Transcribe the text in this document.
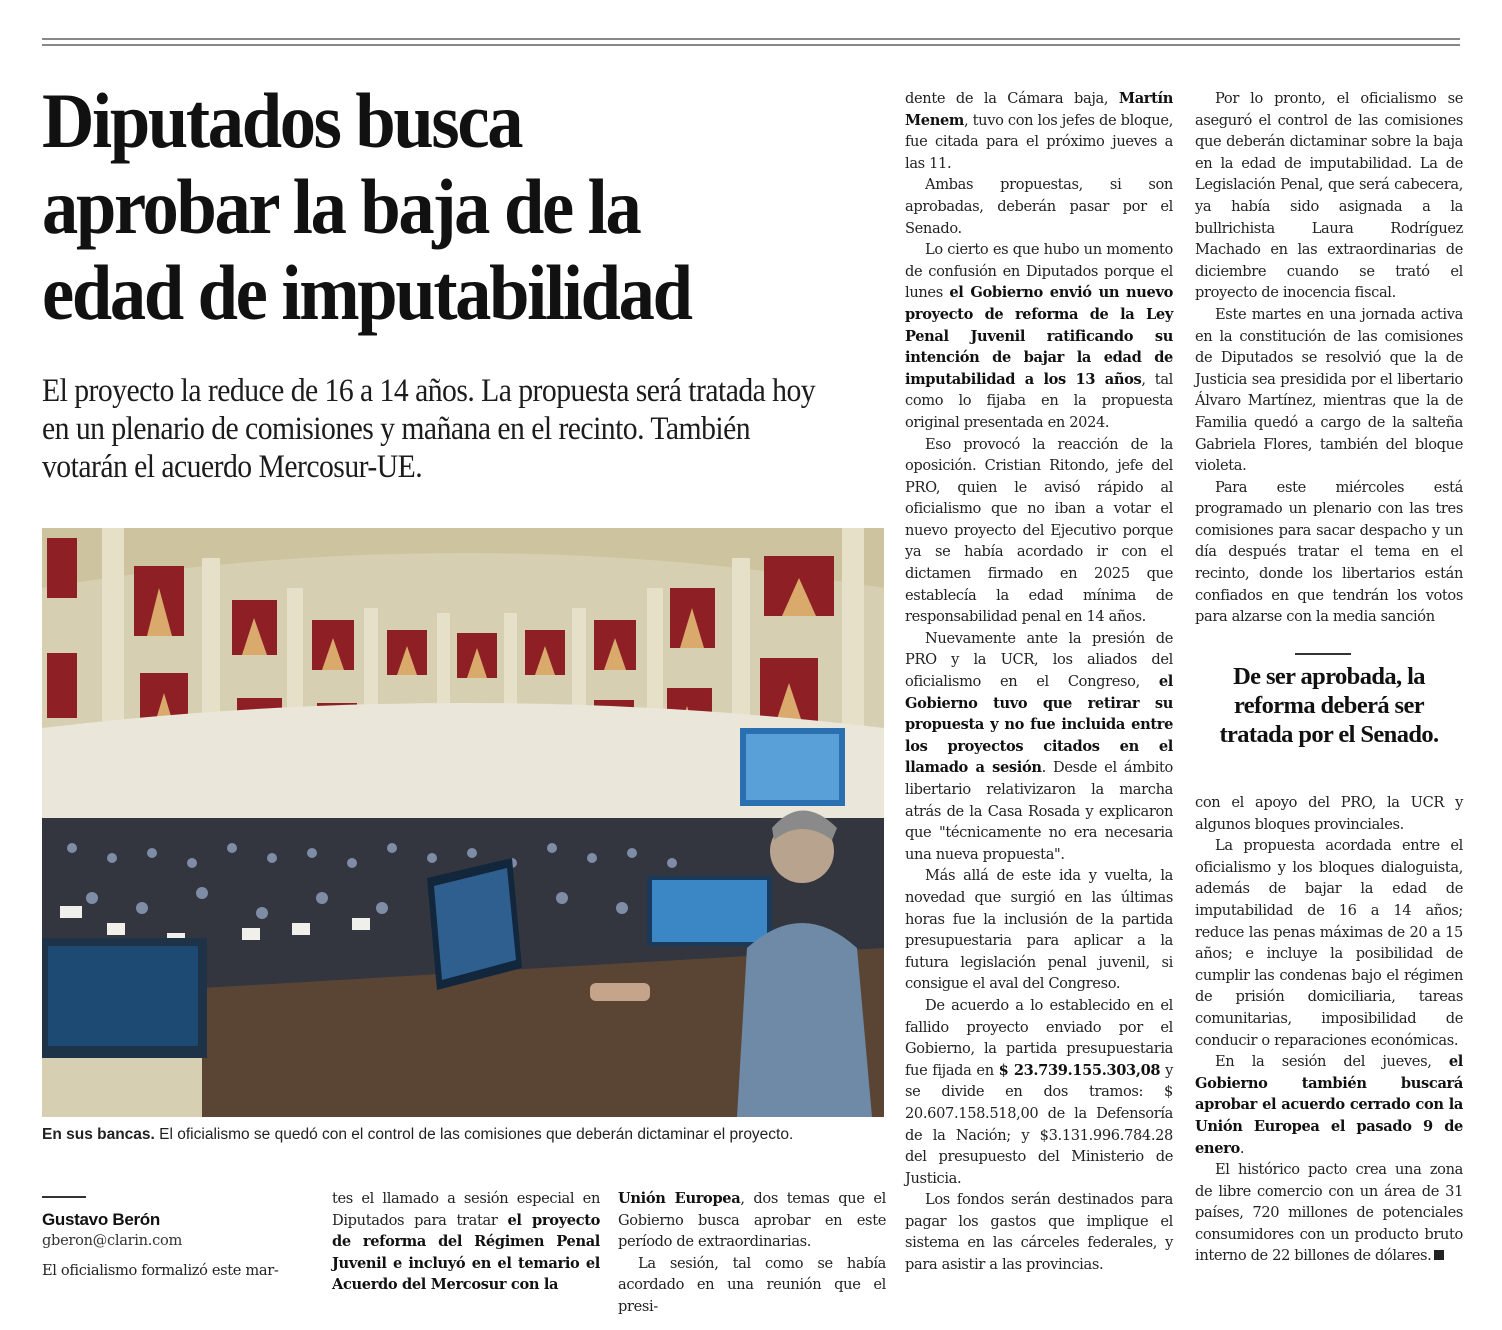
Diputados busca
aprobar la baja de la
edad de imputabilidad

El proyecto la reduce de 16 a 14 años. La propuesta será tratada hoy en un plenario de comisiones y mañana en el recinto. También votarán el acuerdo Mercosur-UE.

En sus bancas. El oficialismo se quedó con el control de las comisiones que deberán dictaminar el proyecto.
Gustavo Berón
gberon@clarin.com

El oficialismo formalizó este mar-

tes el llamado a sesión especial en Diputados para tratar el proyecto de reforma del Régimen Penal Juvenil e incluyó en el temario el Acuerdo del Mercosur con la

Unión Europea, dos temas que el Gobierno busca aprobar en este período de extraordinarias.

La sesión, tal como se había acordado en una reunión que el presi-

dente de la Cámara baja, Martín Menem, tuvo con los jefes de bloque, fue citada para el próximo jueves a las 11.

Ambas propuestas, si son aprobadas, deberán pasar por el Senado.

Lo cierto es que hubo un momento de confusión en Diputados porque el lunes el Gobierno envió un nuevo proyecto de reforma de la Ley Penal Juvenil ratificando su intención de bajar la edad de imputabilidad a los 13 años, tal como lo fijaba en la propuesta original presentada en 2024.

Eso provocó la reacción de la oposición. Cristian Ritondo, jefe del PRO, quien le avisó rápido al oficialismo que no iban a votar el nuevo proyecto del Ejecutivo porque ya se había acordado ir con el dictamen firmado en 2025 que establecía la edad mínima de responsabilidad penal en 14 años.

Nuevamente ante la presión de PRO y la UCR, los aliados del oficialismo en el Congreso, el Gobierno tuvo que retirar su propuesta y no fue incluida entre los proyectos citados en el llamado a sesión. Desde el ámbito libertario relativizaron la marcha atrás de la Casa Rosada y explicaron que "técnicamente no era necesaria una nueva propuesta".

Más allá de este ida y vuelta, la novedad que surgió en las últimas horas fue la inclusión de la partida presupuestaria para aplicar a la futura legislación penal juvenil, si consigue el aval del Congreso.

De acuerdo a lo establecido en el fallido proyecto enviado por el Gobierno, la partida presupuestaria fue fijada en $ 23.739.155.303,08 y se divide en dos tramos: $ 20.607.158.518,00 de la Defensoría de la Nación; y $3.131.996.784.28 del presupuesto del Ministerio de Justicia.

Los fondos serán destinados para pagar los gastos que implique el sistema en las cárceles federales, y para asistir a las provincias.

Por lo pronto, el oficialismo se aseguró el control de las comisiones que deberán dictaminar sobre la baja en la edad de imputabilidad. La de Legislación Penal, que será cabecera, ya había sido asignada a la bullrichista Laura Rodríguez Machado en las extraordinarias de diciembre cuando se trató el proyecto de inocencia fiscal.

Este martes en una jornada activa en la constitución de las comisiones de Diputados se resolvió que la de Justicia sea presidida por el libertario Álvaro Martínez, mientras que la de Familia quedó a cargo de la salteña Gabriela Flores, también del bloque violeta.

Para este miércoles está programado un plenario con las tres comisiones para sacar despacho y un día después tratar el tema en el recinto, donde los libertarios están confiados en que tendrán los votos para alzarse con la media sanción

De ser aprobada, la reforma deberá ser tratada por el Senado.

con el apoyo del PRO, la UCR y algunos bloques provinciales.

La propuesta acordada entre el oficialismo y los bloques dialoguista, además de bajar la edad de imputabilidad de 16 a 14 años; reduce las penas máximas de 20 a 15 años; e incluye la posibilidad de cumplir las condenas bajo el régimen de prisión domiciliaria, tareas comunitarias, imposibilidad de conducir o reparaciones económicas.

En la sesión del jueves, el Gobierno también buscará aprobar el acuerdo cerrado con la Unión Europea el pasado 9 de enero.

El histórico pacto crea una zona de libre comercio con un área de 31 países, 720 millones de potenciales consumidores con un producto bruto interno de 22 billones de dólares.
